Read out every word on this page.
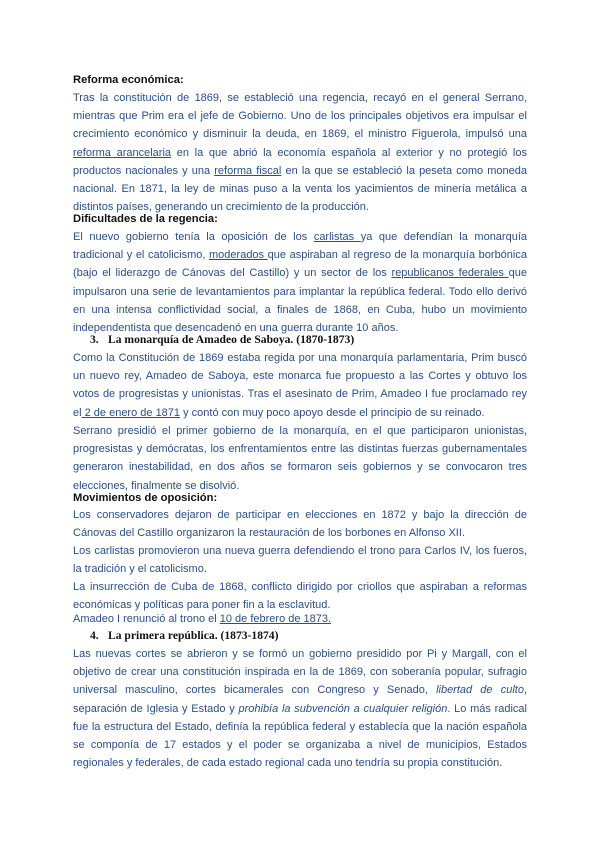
Reforma económica:

Tras la constitución de 1869, se estableció una regencia, recayó en el general Serrano, mientras que Prim era el jefe de Gobierno. Uno de los principales objetivos era impulsar el crecimiento económico y disminuir la deuda, en 1869, el ministro Figuerola, impulsó una reforma arancelaria en la que abrió la economía española al exterior y no protegió los productos nacionales y una reforma fiscal en la que se estableció la peseta como moneda nacional. En 1871, la ley de minas puso a la venta los yacimientos de minería metálica a distintos países, generando un crecimiento de la producción.

Dificultades de la regencia:

El nuevo gobierno tenía la oposición de los carlistas ya que defendían la monarquía tradicional y el catolicismo, moderados que aspiraban al regreso de la monarquía borbónica (bajo el liderazgo de Cánovas del Castillo) y un sector de los republicanos federales que impulsaron una serie de levantamientos para implantar la república federal. Todo ello derivó en una intensa conflictividad social, a finales de 1868, en Cuba, hubo un movimiento independentista que desencadenó en una guerra durante 10 años.

3. La monarquía de Amadeo de Saboya. (1870-1873)

Como la Constitución de 1869 estaba regida por una monarquía parlamentaria, Prim buscó un nuevo rey, Amadeo de Saboya, este monarca fue propuesto a las Cortes y obtuvo los votos de progresistas y unionistas. Tras el asesinato de Prim, Amadeo I fue proclamado rey el 2 de enero de 1871 y contó con muy poco apoyo desde el principio de su reinado.

Serrano presidió el primer gobierno de la monarquía, en el que participaron unionistas, progresistas y demócratas, los enfrentamientos entre las distintas fuerzas gubernamentales generaron inestabilidad, en dos años se formaron seis gobiernos y se convocaron tres elecciones, finalmente se disolvió.

Movimientos de oposición:

Los conservadores dejaron de participar en elecciones en 1872 y bajo la dirección de Cánovas del Castillo organizaron la restauración de los borbones en Alfonso XII.

Los carlistas promovieron una nueva guerra defendiendo el trono para Carlos IV, los fueros, la tradición y el catolicismo.

La insurrección de Cuba de 1868, conflicto dirigido por criollos que aspiraban a reformas económicas y políticas para poner fin a la esclavitud.

Amadeo I renunció al trono el 10 de febrero de 1873.

4. La primera república. (1873-1874)

Las nuevas cortes se abrieron y se formó un gobierno presidido por Pi y Margall, con el objetivo de crear una constitución inspirada en la de 1869, con soberanía popular, sufragio universal masculino, cortes bicamerales con Congreso y Senado, libertad de culto, separación de Iglesia y Estado y prohibía la subvención a cualquier religión. Lo más radical fue la estructura del Estado, definía la república federal y establecía que la nación española se componía de 17 estados y el poder se organizaba a nivel de municipios, Estados regionales y federales, de cada estado regional cada uno tendría su propia constitución.
